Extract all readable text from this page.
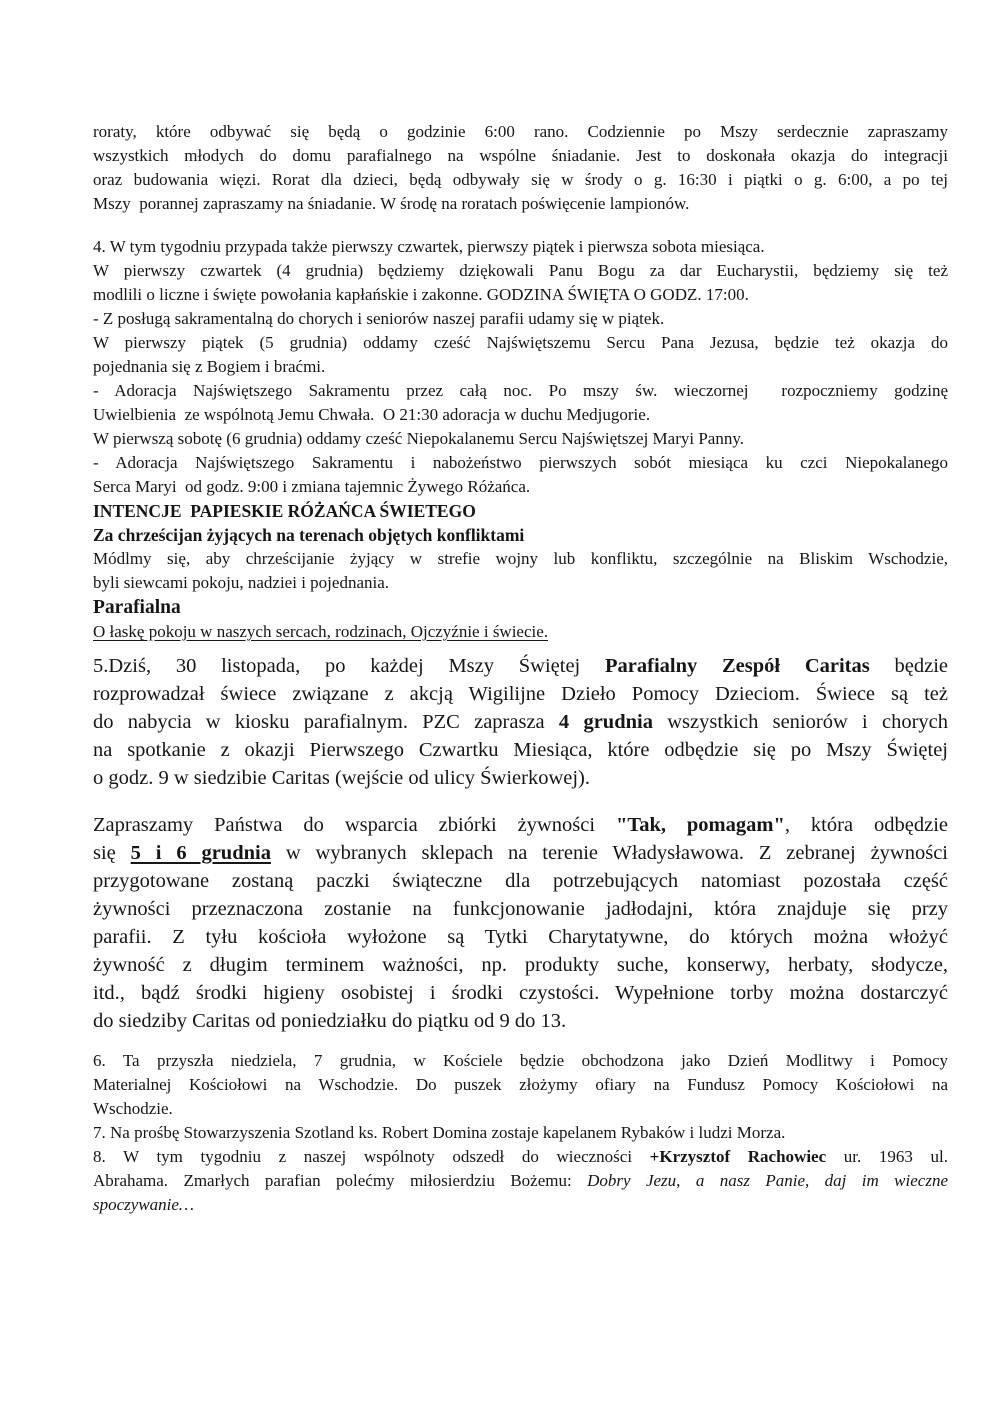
roraty, które odbywać się będą o godzinie 6:00 rano. Codziennie po Mszy serdecznie zapraszamy
wszystkich młodych do domu parafialnego na wspólne śniadanie. Jest to doskonała okazja do integracji
oraz budowania więzi. Rorat dla dzieci, będą odbywały się w środy o g. 16:30 i piątki o g. 6:00, a po tej
Mszy  porannej zapraszamy na śniadanie. W środę na roratach poświęcenie lampionów.
4. W tym tygodniu przypada także pierwszy czwartek, pierwszy piątek i pierwsza sobota miesiąca.
W pierwszy czwartek (4 grudnia) będziemy dziękowali Panu Bogu za dar Eucharystii, będziemy się też
modlili o liczne i święte powołania kapłańskie i zakonne. GODZINA ŚWIĘTA O GODZ. 17:00.
- Z posługą sakramentalną do chorych i seniorów naszej parafii udamy się w piątek.
W pierwszy piątek (5 grudnia) oddamy cześć Najświętszemu Sercu Pana Jezusa, będzie też okazja do
pojednania się z Bogiem i braćmi.
- Adoracja Najświętszego Sakramentu przez całą noc. Po mszy św. wieczornej  rozpoczniemy godzinę
Uwielbienia  ze wspólnotą Jemu Chwała.  O 21:30 adoracja w duchu Medjugorie.
W pierwszą sobotę (6 grudnia) oddamy cześć Niepokalanemu Sercu Najświętszej Maryi Panny.
- Adoracja Najświętszego Sakramentu i nabożeństwo pierwszych sobót miesiąca ku czci Niepokalanego
Serca Maryi  od godz. 9:00 i zmiana tajemnic Żywego Różańca.
INTENCJE  PAPIESKIE RÓŻAŃCA ŚWIETEGO
Za chrześcijan żyjących na terenach objętych konfliktami
Módlmy się, aby chrześcijanie żyjący w strefie wojny lub konfliktu, szczególnie na Bliskim Wschodzie,
byli siewcami pokoju, nadziei i pojednania.
Parafialna
O łaskę pokoju w naszych sercach, rodzinach, Ojczyźnie i świecie.
5.Dziś, 30 listopada, po każdej Mszy Świętej Parafialny Zespół Caritas będzie
rozprowadzał świece związane z akcją Wigilijne Dzieło Pomocy Dzieciom. Świece są też
do nabycia w kiosku parafialnym. PZC zaprasza 4 grudnia wszystkich seniorów i chorych
na spotkanie z okazji Pierwszego Czwartku Miesiąca, które odbędzie się po Mszy Świętej
o godz. 9 w siedzibie Caritas (wejście od ulicy Świerkowej).
Zapraszamy Państwa do wsparcia zbiórki żywności "Tak, pomagam", która odbędzie
się 5 i 6 grudnia w wybranych sklepach na terenie Władysławowa. Z zebranej żywności
przygotowane zostaną paczki świąteczne dla potrzebujących natomiast pozostała część
żywności przeznaczona zostanie na funkcjonowanie jadłodajni, która znajduje się przy
parafii. Z tyłu kościoła wyłożone są Tytki Charytatywne, do których można włożyć
żywność z długim terminem ważności, np. produkty suche, konserwy, herbaty, słodycze,
itd., bądź środki higieny osobistej i środki czystości. Wypełnione torby można dostarczyć
do siedziby Caritas od poniedziałku do piątku od 9 do 13.
6. Ta przyszła niedziela, 7 grudnia, w Kościele będzie obchodzona jako Dzień Modlitwy i Pomocy
Materialnej Kościołowi na Wschodzie. Do puszek złożymy ofiary na Fundusz Pomocy Kościołowi na
Wschodzie.
7. Na prośbę Stowarzyszenia Szotland ks. Robert Domina zostaje kapelanem Rybaków i ludzi Morza.
8. W tym tygodniu z naszej wspólnoty odszedł do wieczności +Krzysztof Rachowiec ur. 1963 ul.
Abrahama. Zmarłych parafian polećmy miłosierdziu Bożemu: Dobry Jezu, a nasz Panie, daj im wieczne
spoczywanie…
